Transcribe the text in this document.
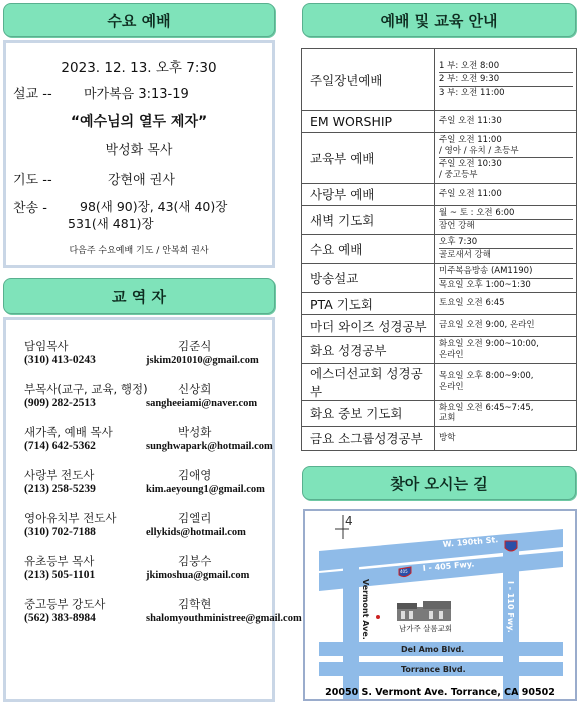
수요 예배
2023. 12. 13. 오후 7:30
설교 -- 마가복음 3:13-19
“예수님의 열두 제자”
박성화 목사
기도 --	강현애 권사
찬송 -	98(새 90)장, 43(새 40)장
531(새 481)장
다음주 수요예배 기도 / 안복희 권사
교 역 자
담임목사	김준식
(310) 413-0243	jskim201010@gmail.com
부목사(교구, 교육, 행정)	신상희
(909) 282-2513	sangheeiami@naver.com
새가족, 예배 목사	박성화
(714) 642-5362	sunghwapark@hotmail.com
사랑부 전도사	김애영
(213) 258-5239	kim.aeyoung1@gmail.com
영아유치부 전도사	김엘리
(310) 702-7188	ellykids@hotmail.com
유초등부 목사	김붕수
(213) 505-1101	jkimoshua@gmail.com
중고등부 강도사	김학현
(562) 383-8984	shalomyouthministree@gmail.com
예배 및 교육 안내
주일장년예배	1 부: 오전 8:00
2 부: 오전 9:30
3 부: 오전 11:00

EM WORSHIP	주일 오전 11:30

교육부 예배	주일 오전 11:00
/ 영아 / 유치 / 초등부
주일 오전 10:30
/ 중고등부

사랑부 예배	주일 오전 11:00

새벽 기도회	월 ~ 토 : 오전 6:00
잠언 강해

수요 예배	오후 7:30
골로새서 강해

방송설교	미주복음방송 (AM1190)
목요일 오후 1:00~1:30

PTA 기도회	토요일 오전 6:45

마더 와이즈 성경공부	금요일 오전 9:00, 온라인

화요 성경공부	화요일 오전 9:00~10:00,
온라인

에스더선교회 성경공부	목요일 오후 8:00~9:00,
온라인

화요 중보 기도회	화요일 오전 6:45~7:45,
교회

금요 소그룹성경공부	방학
찾아 오시는 길
4
W. 190th St.
I - 405 Fwy.
Vermont Ave.	I - 110 Fwy.
Del Amo Blvd.
Torrance Blvd.
405
남가주 살롬교회
20050 S. Vermont Ave. Torrance, CA 90502
